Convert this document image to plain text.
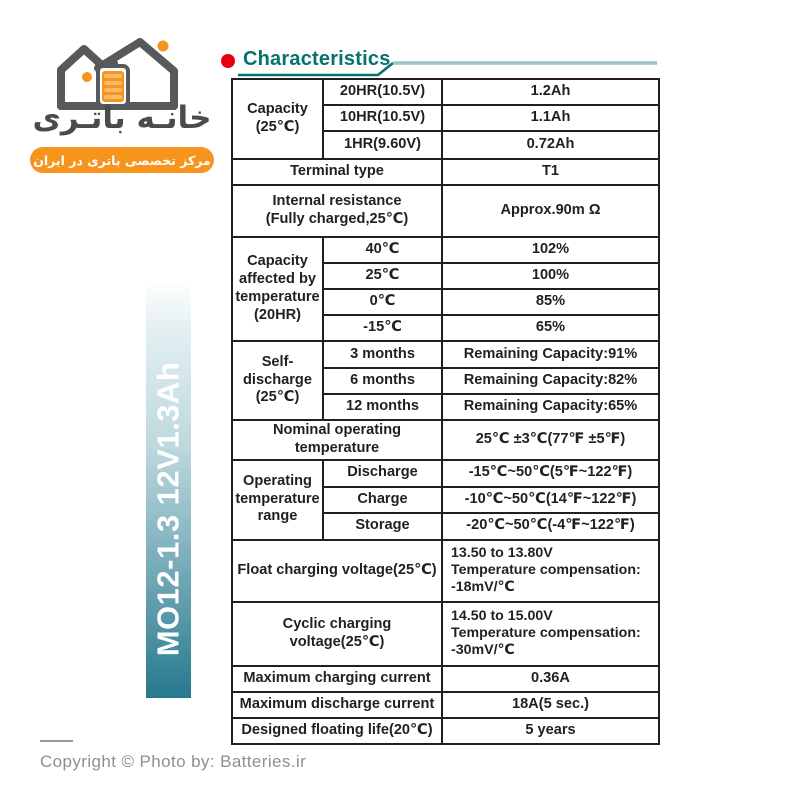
خانـه باتـری
مرکز تخصصی باتری در ایران
Characteristics
MO12-1.3 12V1.3Ah
Capacity
(25℃)	20HR(10.5V)	1.2Ah
	10HR(10.5V)	1.1Ah
	1HR(9.60V)	0.72Ah
Terminal type		T1
Internal resistance
(Fully charged,25℃)		Approx.90m Ω
Capacity
affected by
temperature
(20HR)	40℃	102%
	25℃	100%
	0℃	85%
	-15℃	65%
Self-discharge
(25℃)	3 months	Remaining Capacity:91%
	6 months	Remaining Capacity:82%
	12 months	Remaining Capacity:65%
Nominal operating
temperature		25℃ ±3℃(77℉ ±5℉)
Operating
temperature
range	Discharge	-15℃~50℃(5℉~122℉)
	Charge	-10℃~50℃(14℉~122℉)
	Storage	-20℃~50℃(-4℉~122℉)
Float charging voltage(25℃)		13.50 to 13.80V
Temperature compensation:
-18mV/℃
Cyclic charging voltage(25℃)		14.50 to 15.00V
Temperature compensation:
-30mV/℃
Maximum charging current		0.36A
Maximum discharge current		18A(5 sec.)
Designed floating life(20℃)		5 years
Copyright © Photo by: Batteries.ir
